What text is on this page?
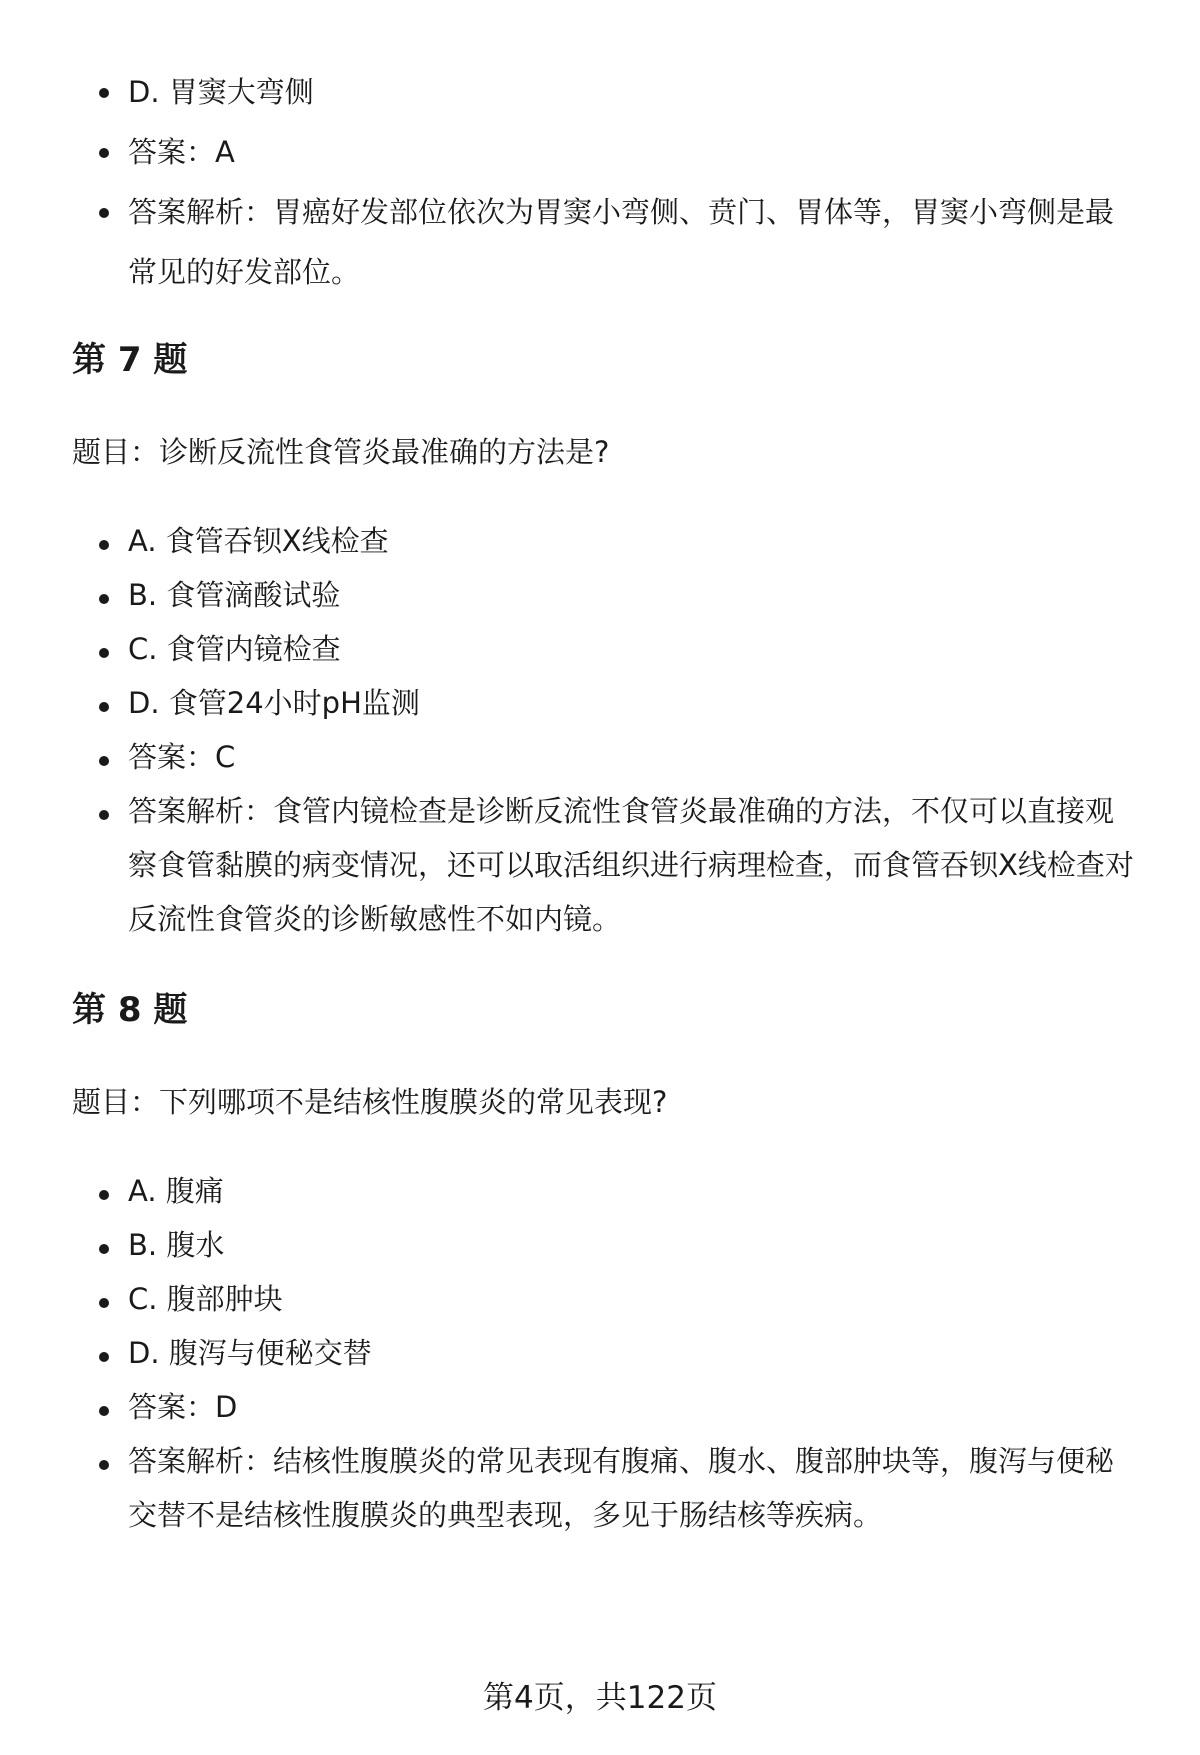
D. 胃窦大弯侧
答案：A
答案解析：胃癌好发部位依次为胃窦小弯侧、贲门、胃体等，胃窦小弯侧是最常见的好发部位。
第 7 题

题目：诊断反流性食管炎最准确的方法是?

A. 食管吞钡X线检查
B. 食管滴酸试验
C. 食管内镜检查
D. 食管24小时pH监测
答案：C
答案解析：食管内镜检查是诊断反流性食管炎最准确的方法，不仅可以直接观察食管黏膜的病变情况，还可以取活组织进行病理检查，而食管吞钡X线检查对反流性食管炎的诊断敏感性不如内镜。
第 8 题

题目：下列哪项不是结核性腹膜炎的常见表现?

A. 腹痛
B. 腹水
C. 腹部肿块
D. 腹泻与便秘交替
答案：D
答案解析：结核性腹膜炎的常见表现有腹痛、腹水、腹部肿块等，腹泻与便秘交替不是结核性腹膜炎的典型表现，多见于肠结核等疾病。
第4页，共122页
